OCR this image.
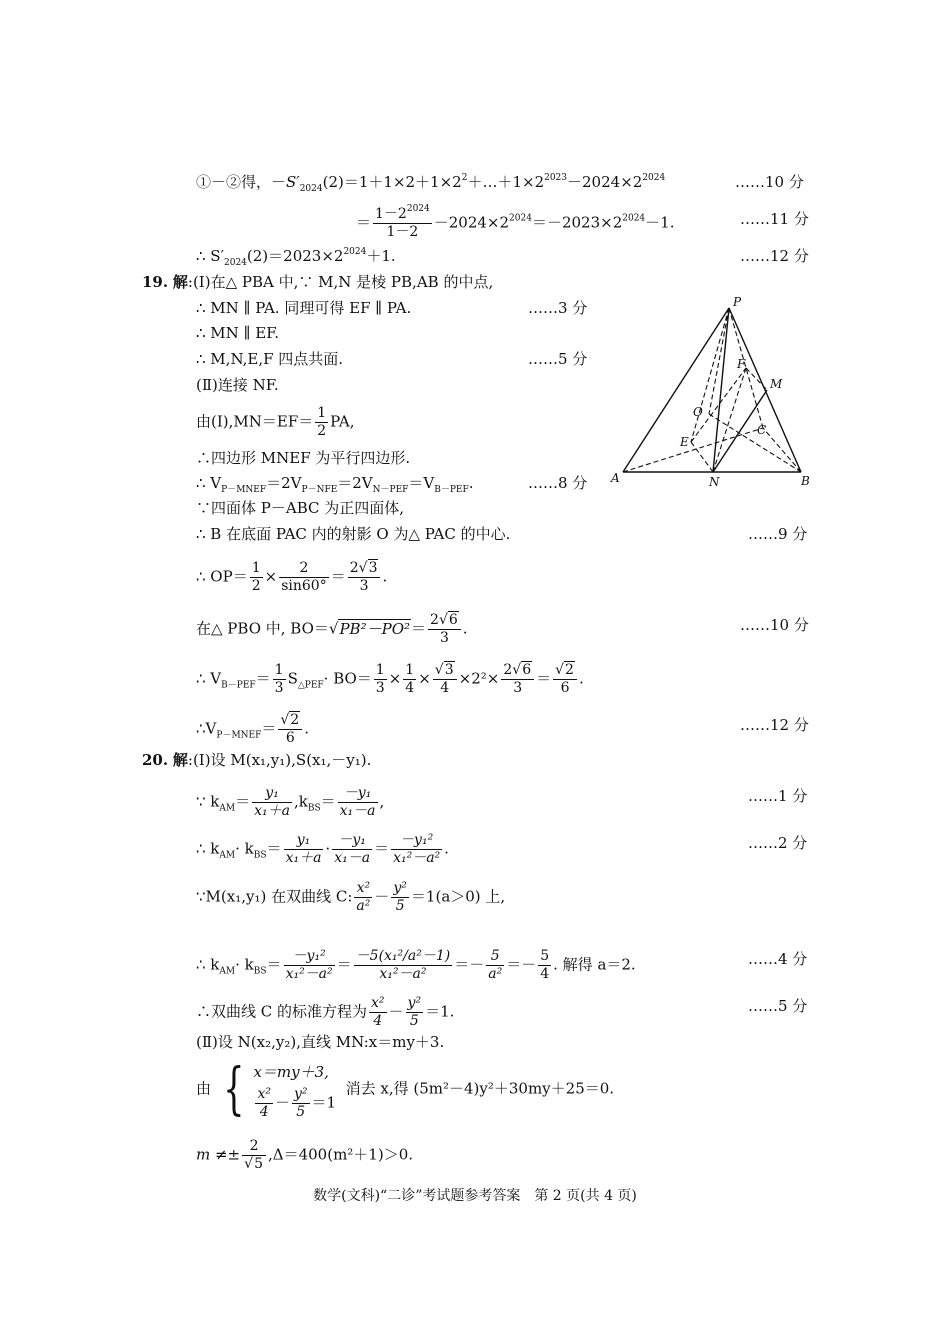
①－②得，$-S'_{2024}(2)=1+1\times 2+1\times 2^2+\dots+1\times 2^{2023}-2024\times 2^{2024}$	……10 分
＝ $\frac{1-2^{2024}}{1-2} -2024\times 2^{2024}=-2023\times 2^{2024}-1$.	……11 分
∴ $S'_{2024}(2)=2023\times 2^{2024}+1$.	……12 分
19. 解:(Ⅰ)在△ PBA 中,∵ M,N 是棱 PB,AB 的中点,
∴ MN ∥ PA. 同理可得 EF ∥ PA.	……3 分
∴ MN ∥ EF.
∴ M,N,E,F 四点共面.	……5 分
(Ⅱ)连接 NF.
由(Ⅰ),MN＝EF＝ $\frac{1}{2}$ PA,
∴四边形 MNEF 为平行四边形.
∴ $V_{P-MNEF}=2V_{P-NFE}=2V_{N-PEF}=V_{B-PEF}$.	……8 分
∵四面体 P－ABC 为正四面体,
∴ B 在底面 PAC 内的射影 O 为△ PAC 的中心.	……9 分
∴ $OP= \frac{1}{2} \times \frac{2}{\sin 60^\circ} = \frac{2√3}{3}$ .
在△ PBO 中, $BO=√PB^2-PO^2= \frac{2√6}{3}$ .	……10 分
∴ $V_{B-PEF}= \frac{1}{3} S_{\triangle PEF}\cdot BO= \frac{1}{3} \times \frac{1}{4} \times \frac{√3}{4} \times 2^2\times \frac{2√6}{3} = \frac{√2}{6}$ .
$\therefore V_{P-MNEF}= \frac{√2}{6}$ .	……12 分
P
A	B
C
N
M
E
F
O
20. 解:(Ⅰ)设 M(x₁,y₁),S(x₁,－y₁).
∵ $k_{AM}= \frac{\text{y₁}}{\text{x₁＋a}} ,k_{BS}= \frac{\text{－y₁}}{\text{x₁－a}}$ ,	……1 分
∴ $k_{AM}\cdot k_{BS}= \frac{\text{y₁}}{\text{x₁＋a}} \cdot \frac{\text{－y₁}}{\text{x₁－a}} = \frac{\text{－y₁²}}{\text{x₁²－a²}}$ .	……2 分
∵M(x₁,y₁) 在双曲线 C: $\frac{\text{x²}}{\text{a²}} - \frac{\text{y²}}{5} =1(a>0)$ 上,
∴ $k_{AM}\cdot k_{BS}= \frac{\text{－y₁²}}{\text{x₁²－a²}} = \frac{\text{－5(x₁²/a²－1)}}{\text{x₁²－a²}} =- \frac{5}{\text{a²}} =- \frac{5}{4}$ . 解得 a＝2.	……4 分
∴双曲线 C 的标准方程为 $\frac{\text{x²}}{4} - \frac{\text{y²}}{5} =1$.	……5 分
(Ⅱ)设 N(x₂,y₂),直线 MN:x＝my＋3.
由 { x＝my＋3,
$\frac{\text{x²}}{4} - \frac{\text{y²}}{5} =1$
消去 x,得 (5m²－4)y²＋30my＋25＝0.
$m \ne\pm \frac{2}{√5} ,\Delta=400(m^2+1)>0$.
数学(文科)“二诊”考试题参考答案　第 2 页(共 4 页)
